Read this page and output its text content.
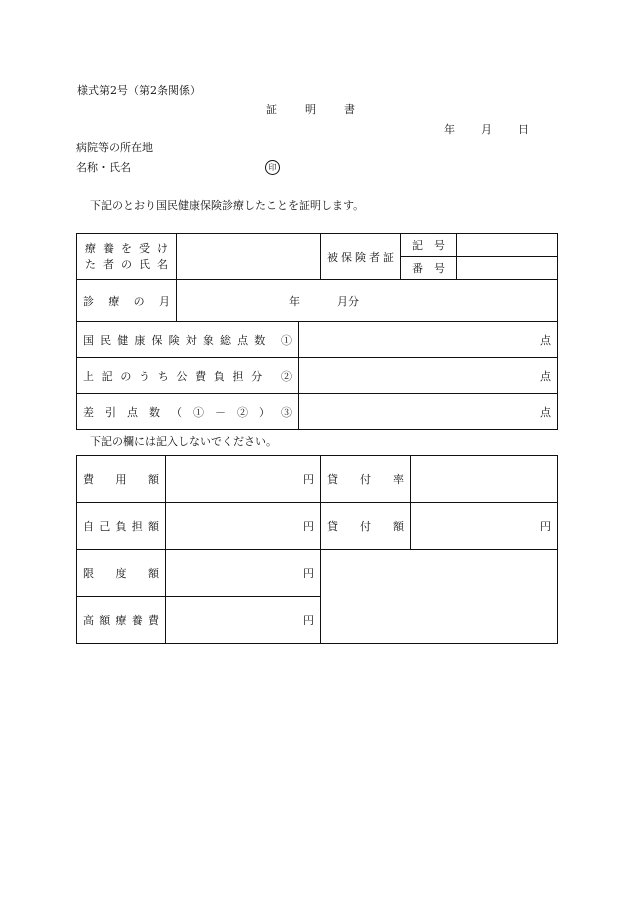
様式第2号（第2条関係）
証 明 書
年 月 日
病院等の所在地
名称・氏名	印
下記のとおり国民健康保険診療したことを証明します。
療養を受け
た者の氏名			被保険者証	記　号	
				番　号	
診療の月	年 月分				

国民健康保険対象総点数 ①		点			
上記のうち公費負担分 ②		点			
差引点数（①－②）③		点			
下記の欄には記入しないでください。
費用額	円	貸付率	
自己負担額	円	貸付額	円
限度額	円		
高額療養費	円		
